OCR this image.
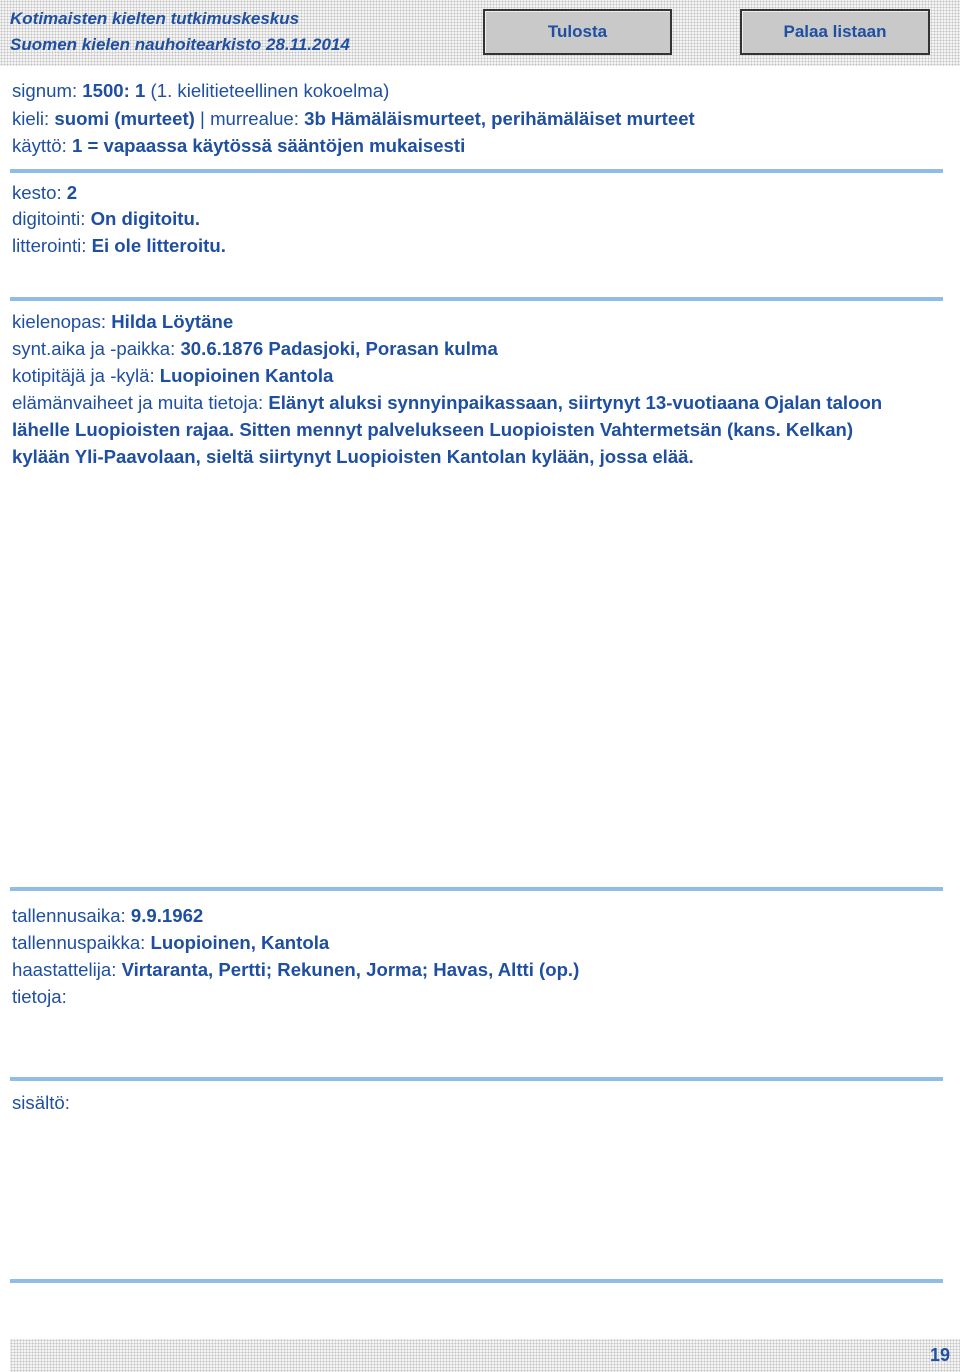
Kotimaisten kielten tutkimuskeskus
Suomen kielen nauhoitearkisto 28.11.2014
Tulosta	Palaa listaan
signum: 1500: 1 (1. kielitieteellinen kokoelma)
kieli: suomi (murteet) | murrealue: 3b Hämäläismurteet, perihämäläiset murteet
käyttö: 1 = vapaassa käytössä sääntöjen mukaisesti
kesto: 2
digitointi: On digitoitu.
litterointi: Ei ole litteroitu.
kielenopas: Hilda Löytäne
synt.aika ja -paikka: 30.6.1876 Padasjoki, Porasan kulma
kotipitäjä ja -kylä: Luopioinen Kantola
elämänvaiheet ja muita tietoja: Elänyt aluksi synnyinpaikassaan, siirtynyt 13-vuotiaana Ojalan taloon lähelle Luopioisten rajaa. Sitten mennyt palvelukseen Luopioisten Vahtermetsän (kans. Kelkan) kylään Yli-Paavolaan, sieltä siirtynyt Luopioisten Kantolan kylään, jossa elää.
tallennusaika: 9.9.1962
tallennuspaikka: Luopioinen, Kantola
haastattelija: Virtaranta, Pertti; Rekunen, Jorma; Havas, Altti (op.)
tietoja:
sisältö:
19
